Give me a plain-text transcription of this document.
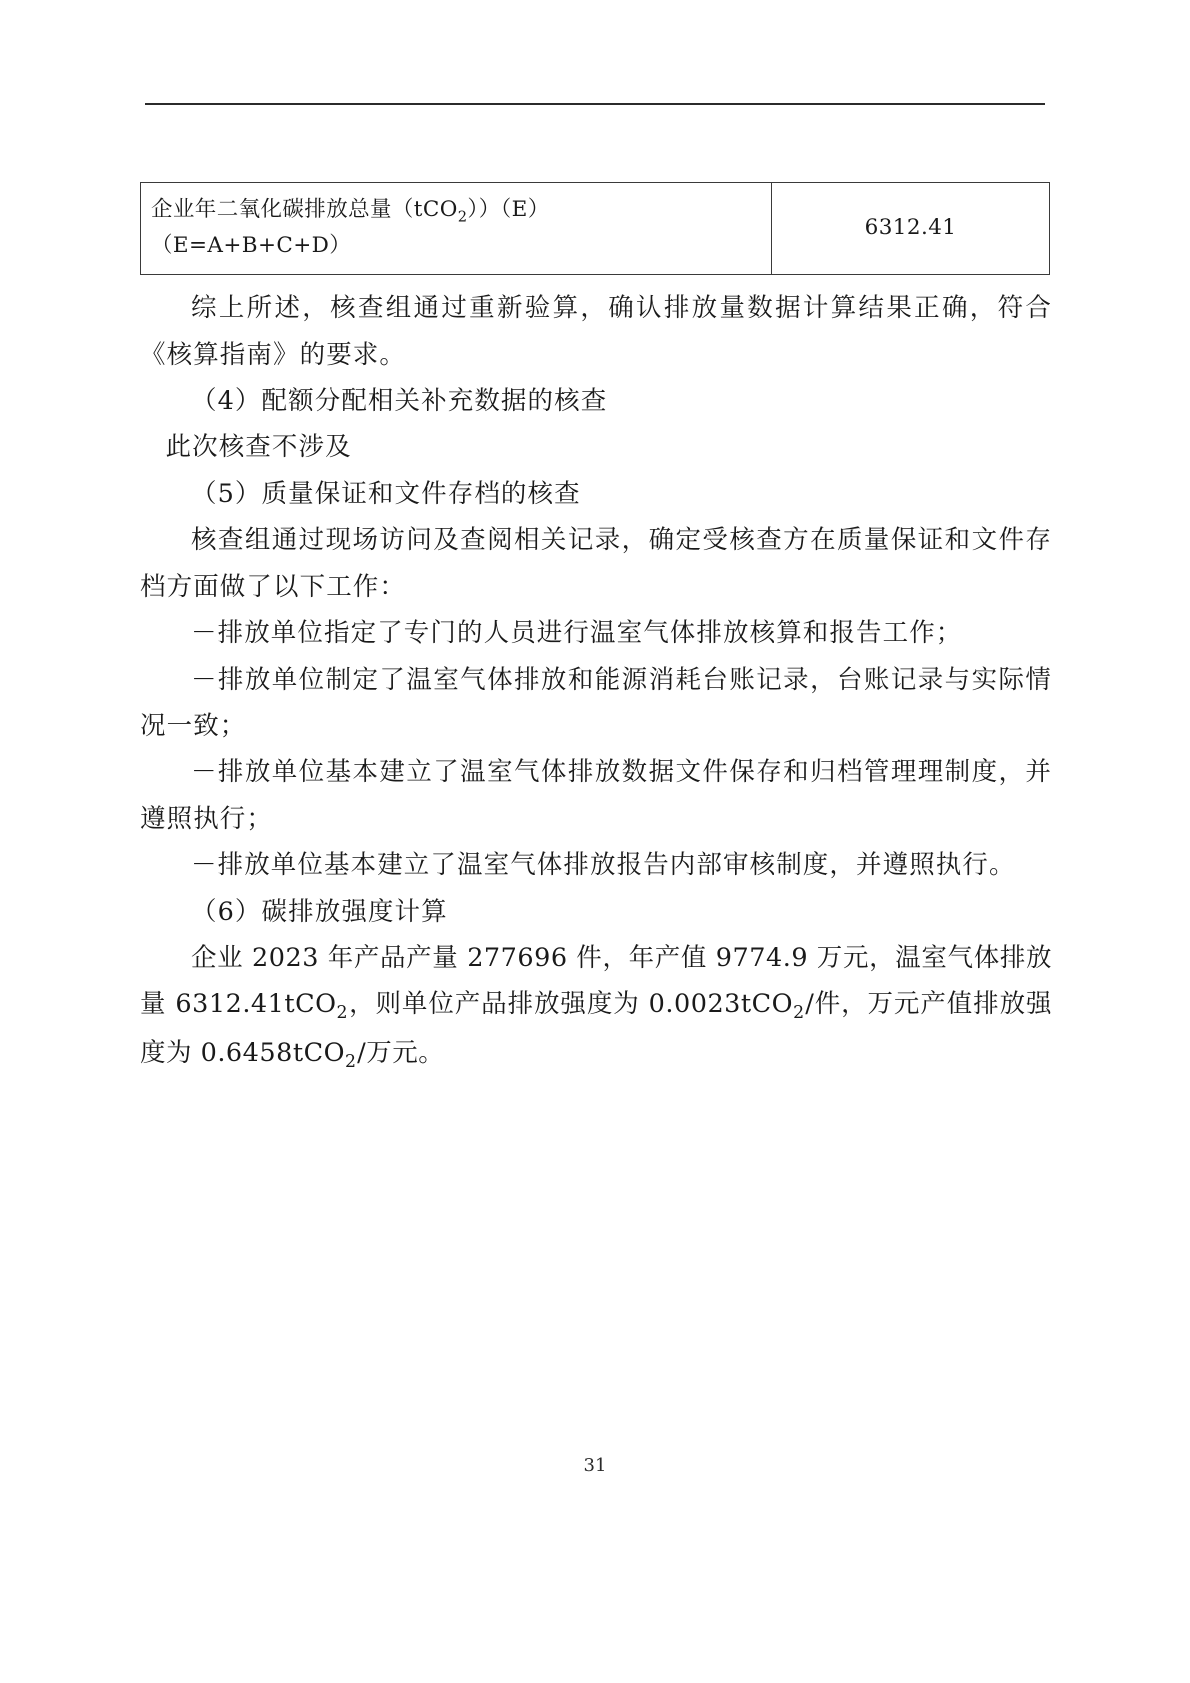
企业年二氧化碳排放总量（tCO$_2$））（E）
（E=A+B+C+D）	6312.41

综上所述，核查组通过重新验算，确认排放量数据计算结果正确，符合《核算指南》的要求。

（4）配额分配相关补充数据的核查

此次核查不涉及

（5）质量保证和文件存档的核查

核查组通过现场访问及查阅相关记录，确定受核查方在质量保证和文件存档方面做了以下工作：

－排放单位指定了专门的人员进行温室气体排放核算和报告工作；

－排放单位制定了温室气体排放和能源消耗台账记录，台账记录与实际情况一致；

－排放单位基本建立了温室气体排放数据文件保存和归档管理理制度，并遵照执行；

－排放单位基本建立了温室气体排放报告内部审核制度，并遵照执行。

（6）碳排放强度计算

企业 2023 年产品产量 277696 件，年产值 9774.9 万元，温室气体排放量 6312.41tCO$_2$，则单位产品排放强度为 0.0023tCO$_2$/件，万元产值排放强度为 0.6458tCO$_2$/万元。

31
